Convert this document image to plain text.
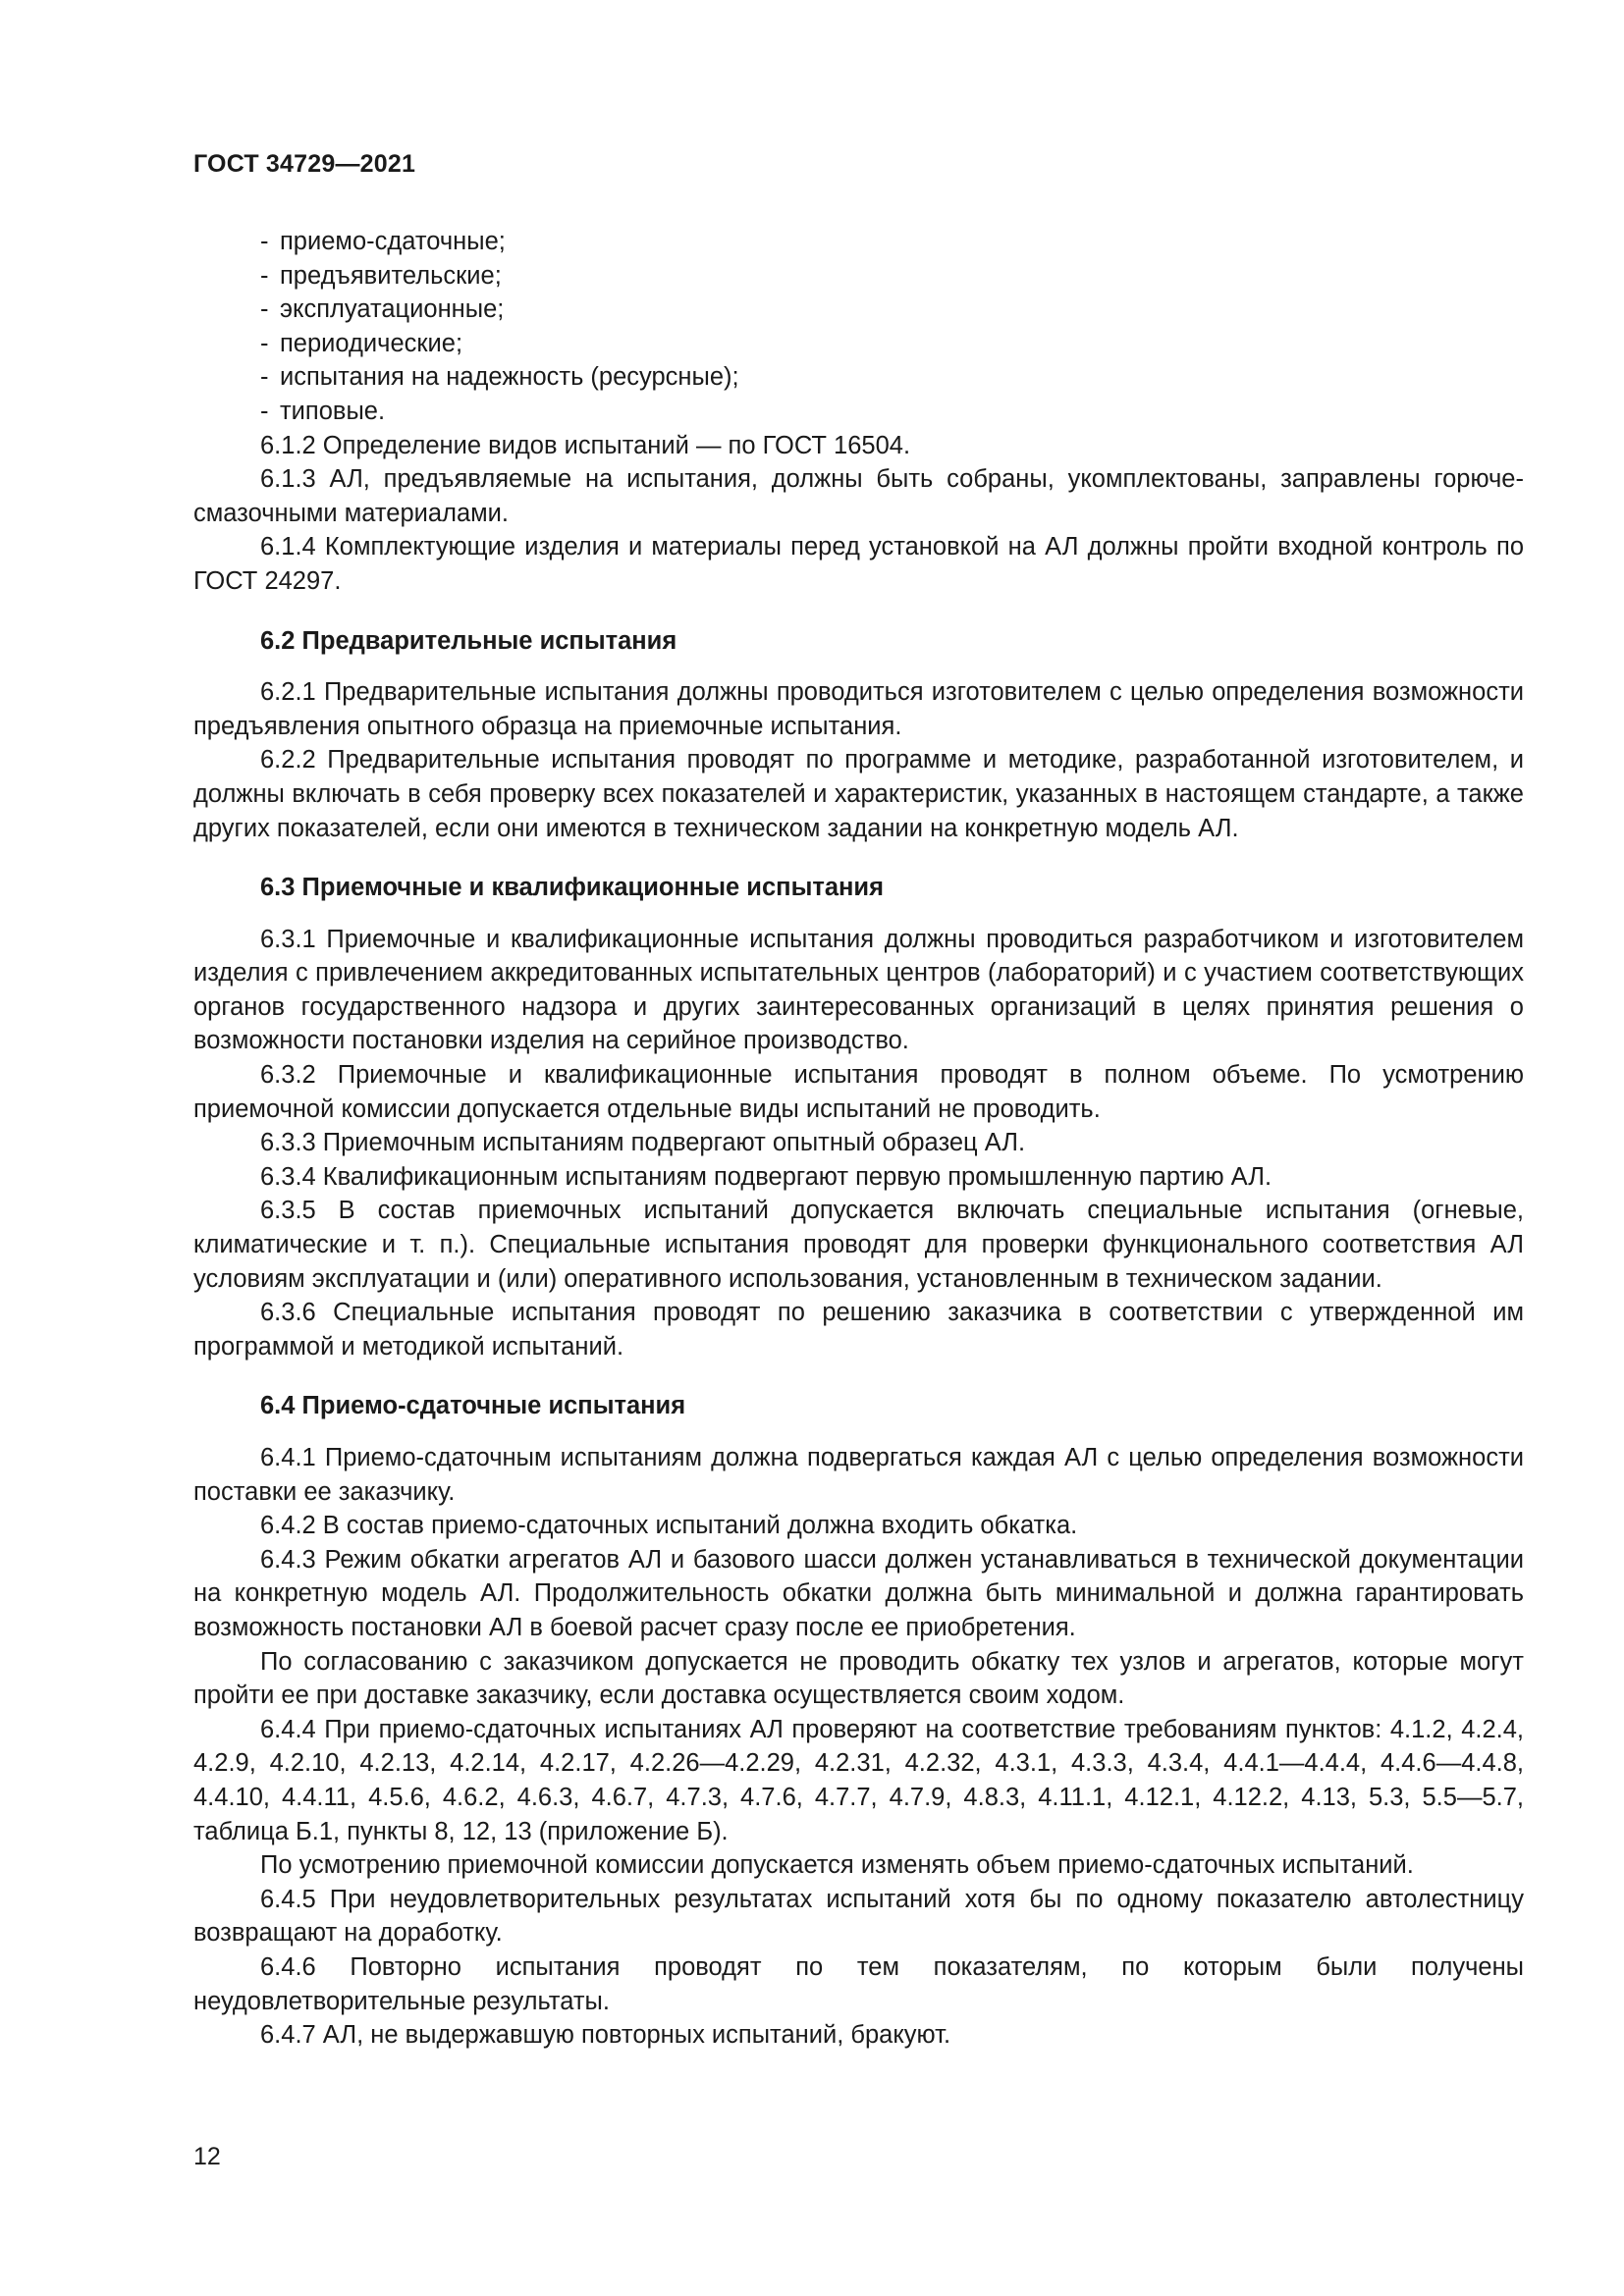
ГОСТ 34729—2021
- приемо-сдаточные;
- предъявительские;
- эксплуатационные;
- периодические;
- испытания на надежность (ресурсные);
- типовые.

6.1.2 Определение видов испытаний — по ГОСТ 16504.

6.1.3 АЛ, предъявляемые на испытания, должны быть собраны, укомплектованы, заправлены горюче-смазочными материалами.

6.1.4 Комплектующие изделия и материалы перед установкой на АЛ должны пройти входной контроль по ГОСТ 24297.

6.2 Предварительные испытания

6.2.1 Предварительные испытания должны проводиться изготовителем с целью определения возможности предъявления опытного образца на приемочные испытания.

6.2.2 Предварительные испытания проводят по программе и методике, разработанной изготовителем, и должны включать в себя проверку всех показателей и характеристик, указанных в настоящем стандарте, а также других показателей, если они имеются в техническом задании на конкретную модель АЛ.

6.3 Приемочные и квалификационные испытания

6.3.1 Приемочные и квалификационные испытания должны проводиться разработчиком и изготовителем изделия с привлечением аккредитованных испытательных центров (лабораторий) и с участием соответствующих органов государственного надзора и других заинтересованных организаций в целях принятия решения о возможности постановки изделия на серийное производство.

6.3.2 Приемочные и квалификационные испытания проводят в полном объеме. По усмотрению приемочной комиссии допускается отдельные виды испытаний не проводить.

6.3.3 Приемочным испытаниям подвергают опытный образец АЛ.

6.3.4 Квалификационным испытаниям подвергают первую промышленную партию АЛ.

6.3.5 В состав приемочных испытаний допускается включать специальные испытания (огневые, климатические и т. п.). Специальные испытания проводят для проверки функционального соответствия АЛ условиям эксплуатации и (или) оперативного использования, установленным в техническом задании.

6.3.6 Специальные испытания проводят по решению заказчика в соответствии с утвержденной им программой и методикой испытаний.

6.4 Приемо-сдаточные испытания

6.4.1 Приемо-сдаточным испытаниям должна подвергаться каждая АЛ с целью определения возможности поставки ее заказчику.

6.4.2 В состав приемо-сдаточных испытаний должна входить обкатка.

6.4.3 Режим обкатки агрегатов АЛ и базового шасси должен устанавливаться в технической документации на конкретную модель АЛ. Продолжительность обкатки должна быть минимальной и должна гарантировать возможность постановки АЛ в боевой расчет сразу после ее приобретения.

По согласованию с заказчиком допускается не проводить обкатку тех узлов и агрегатов, которые могут пройти ее при доставке заказчику, если доставка осуществляется своим ходом.

6.4.4 При приемо-сдаточных испытаниях АЛ проверяют на соответствие требованиям пунктов: 4.1.2, 4.2.4, 4.2.9, 4.2.10, 4.2.13, 4.2.14, 4.2.17, 4.2.26—4.2.29, 4.2.31, 4.2.32, 4.3.1, 4.3.3, 4.3.4, 4.4.1—4.4.4, 4.4.6—4.4.8, 4.4.10, 4.4.11, 4.5.6, 4.6.2, 4.6.3, 4.6.7, 4.7.3, 4.7.6, 4.7.7, 4.7.9, 4.8.3, 4.11.1, 4.12.1, 4.12.2, 4.13, 5.3, 5.5—5.7, таблица Б.1, пункты 8, 12, 13 (приложение Б).

По усмотрению приемочной комиссии допускается изменять объем приемо-сдаточных испытаний.

6.4.5 При неудовлетворительных результатах испытаний хотя бы по одному показателю автолестницу возвращают на доработку.

6.4.6 Повторно испытания проводят по тем показателям, по которым были получены неудовлетворительные результаты.

6.4.7 АЛ, не выдержавшую повторных испытаний, бракуют.

12
